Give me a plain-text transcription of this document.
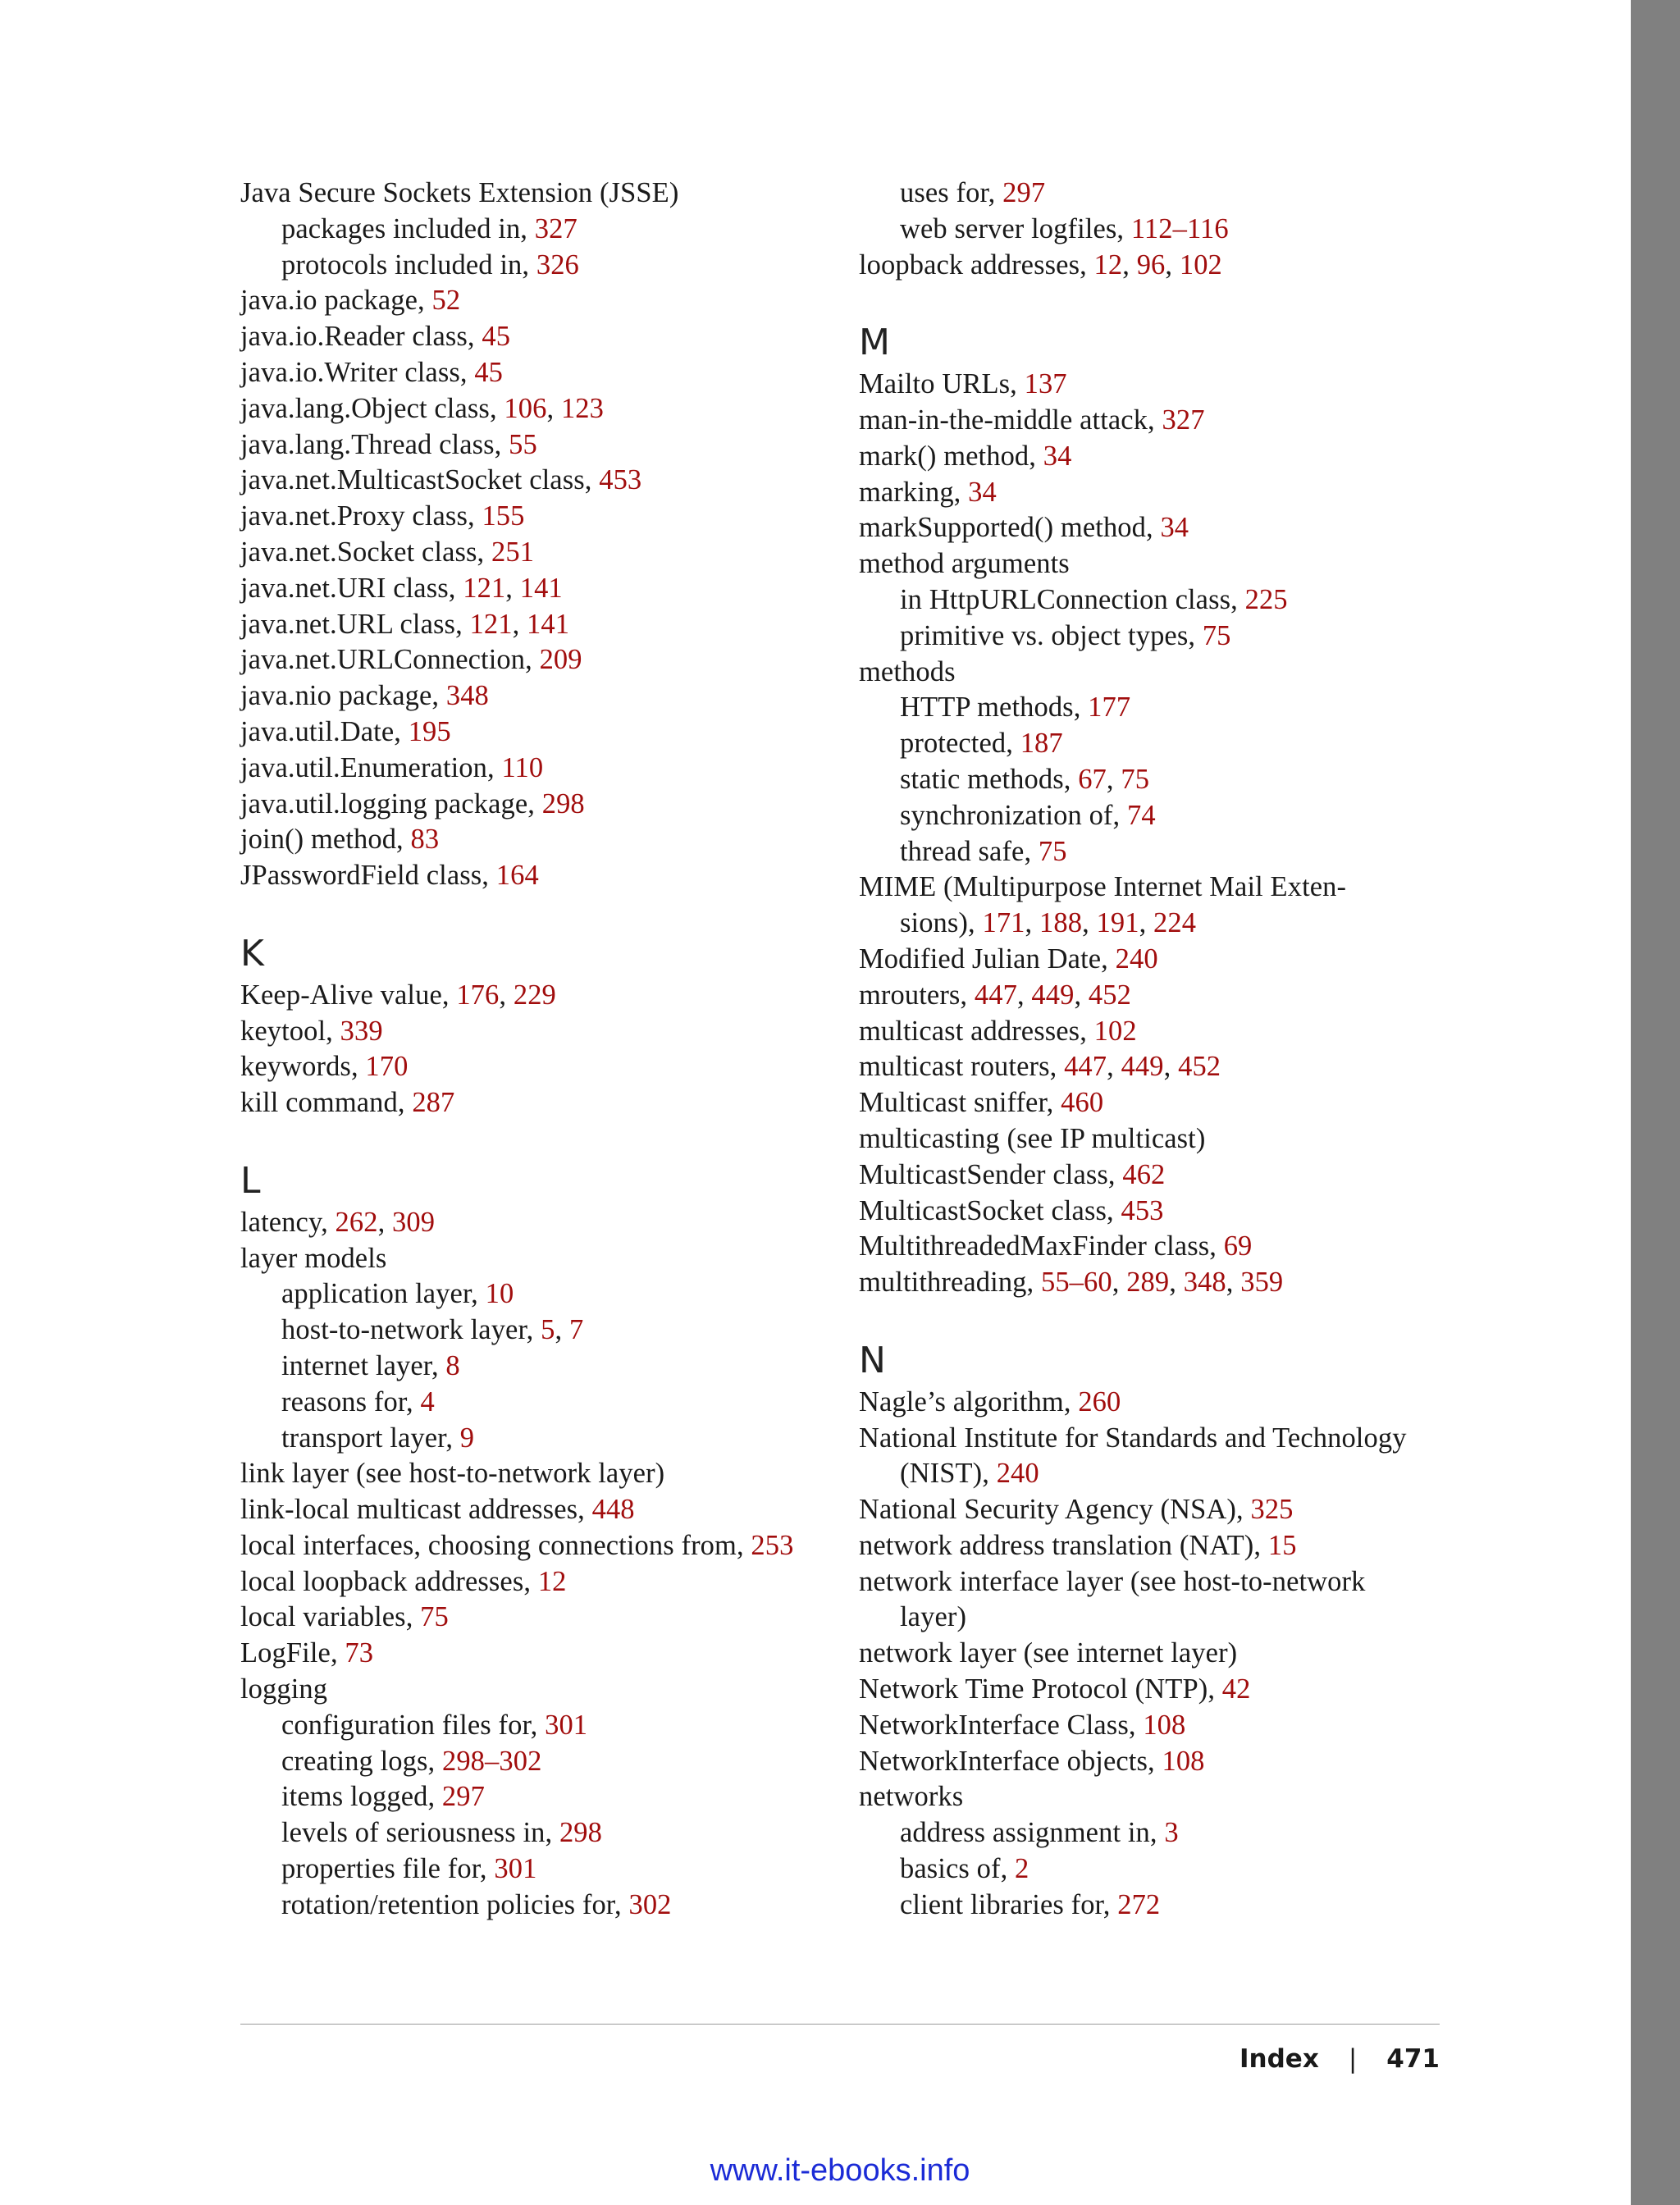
Java Secure Sockets Extension (JSSE)
packages included in, 327
protocols included in, 326
java.io package, 52
java.io.Reader class, 45
java.io.Writer class, 45
java.lang.Object class, 106, 123
java.lang.Thread class, 55
java.net.MulticastSocket class, 453
java.net.Proxy class, 155
java.net.Socket class, 251
java.net.URI class, 121, 141
java.net.URL class, 121, 141
java.net.URLConnection, 209
java.nio package, 348
java.util.Date, 195
java.util.Enumeration, 110
java.util.logging package, 298
join() method, 83
JPasswordField class, 164
K
Keep-Alive value, 176, 229
keytool, 339
keywords, 170
kill command, 287
L
latency, 262, 309
layer models
application layer, 10
host-to-network layer, 5, 7
internet layer, 8
reasons for, 4
transport layer, 9
link layer (see host-to-network layer)
link-local multicast addresses, 448
local interfaces, choosing connections from, 253
local loopback addresses, 12
local variables, 75
LogFile, 73
logging
configuration files for, 301
creating logs, 298–302
items logged, 297
levels of seriousness in, 298
properties file for, 301
rotation/retention policies for, 302
uses for, 297
web server logfiles, 112–116
loopback addresses, 12, 96, 102
M
Mailto URLs, 137
man-in-the-middle attack, 327
mark() method, 34
marking, 34
markSupported() method, 34
method arguments
in HttpURLConnection class, 225
primitive vs. object types, 75
methods
HTTP methods, 177
protected, 187
static methods, 67, 75
synchronization of, 74
thread safe, 75
MIME (Multipurpose Internet Mail Exten-
sions), 171, 188, 191, 224
Modified Julian Date, 240
mrouters, 447, 449, 452
multicast addresses, 102
multicast routers, 447, 449, 452
Multicast sniffer, 460
multicasting (see IP multicast)
MulticastSender class, 462
MulticastSocket class, 453
MultithreadedMaxFinder class, 69
multithreading, 55–60, 289, 348, 359
N
Nagle’s algorithm, 260
National Institute for Standards and Technology
(NIST), 240
National Security Agency (NSA), 325
network address translation (NAT), 15
network interface layer (see host-to-network
layer)
network layer (see internet layer)
Network Time Protocol (NTP), 42
NetworkInterface Class, 108
NetworkInterface objects, 108
networks
address assignment in, 3
basics of, 2
client libraries for, 272
Index | 471
www.it-ebooks.info
